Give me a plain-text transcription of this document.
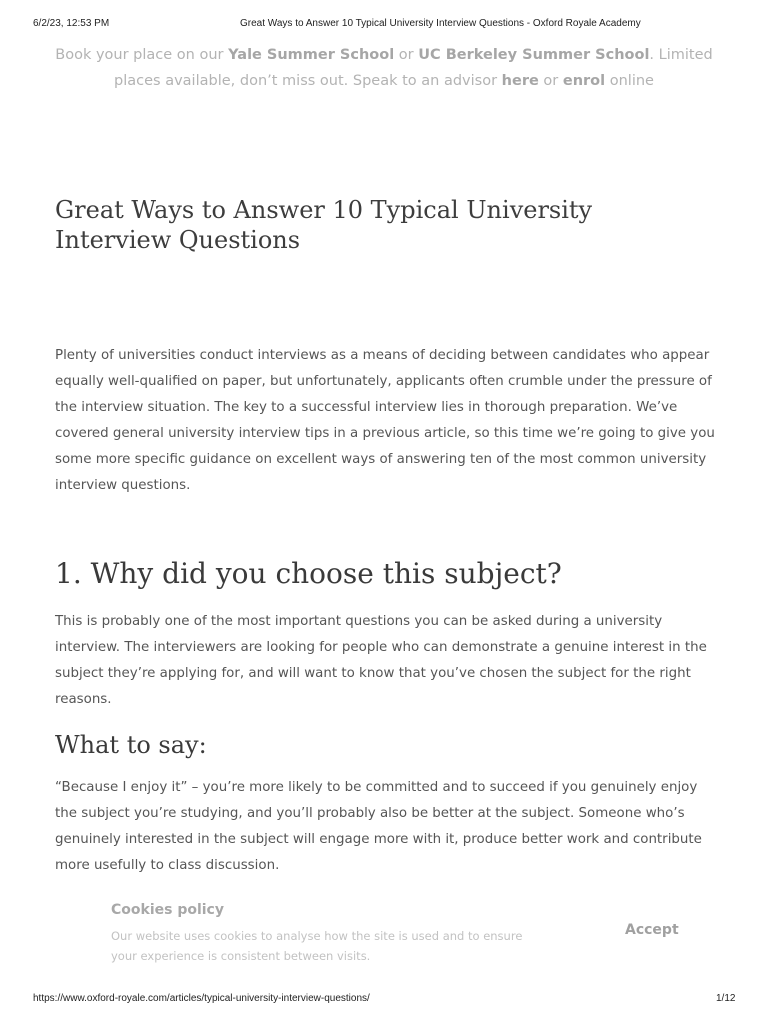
6/2/23, 12:53 PM	Great Ways to Answer 10 Typical University Interview Questions - Oxford Royale Academy
Book your place on our Yale Summer School or UC Berkeley Summer School. Limited places available, don’t miss out. Speak to an advisor here or enrol online
Great Ways to Answer 10 Typical University Interview Questions

Plenty of universities conduct interviews as a means of deciding between candidates who appear equally well-qualified on paper, but unfortunately, applicants often crumble under the pressure of the interview situation. The key to a successful interview lies in thorough preparation. We’ve covered general university interview tips in a previous article, so this time we’re going to give you some more specific guidance on excellent ways of answering ten of the most common university interview questions.

1. Why did you choose this subject?

This is probably one of the most important questions you can be asked during a university interview. The interviewers are looking for people who can demonstrate a genuine interest in the subject they’re applying for, and will want to know that you’ve chosen the subject for the right reasons.

What to say:

“Because I enjoy it” – you’re more likely to be committed and to succeed if you genuinely enjoy the subject you’re studying, and you’ll probably also be better at the subject. Someone who’s genuinely interested in the subject will engage more with it, produce better work and contribute more usefully to class discussion.

Cookies policy
Our website uses cookies to analyse how the site is used and to ensure your experience is consistent between visits.
Accept
https://www.oxford-royale.com/articles/typical-university-interview-questions/	1/12
